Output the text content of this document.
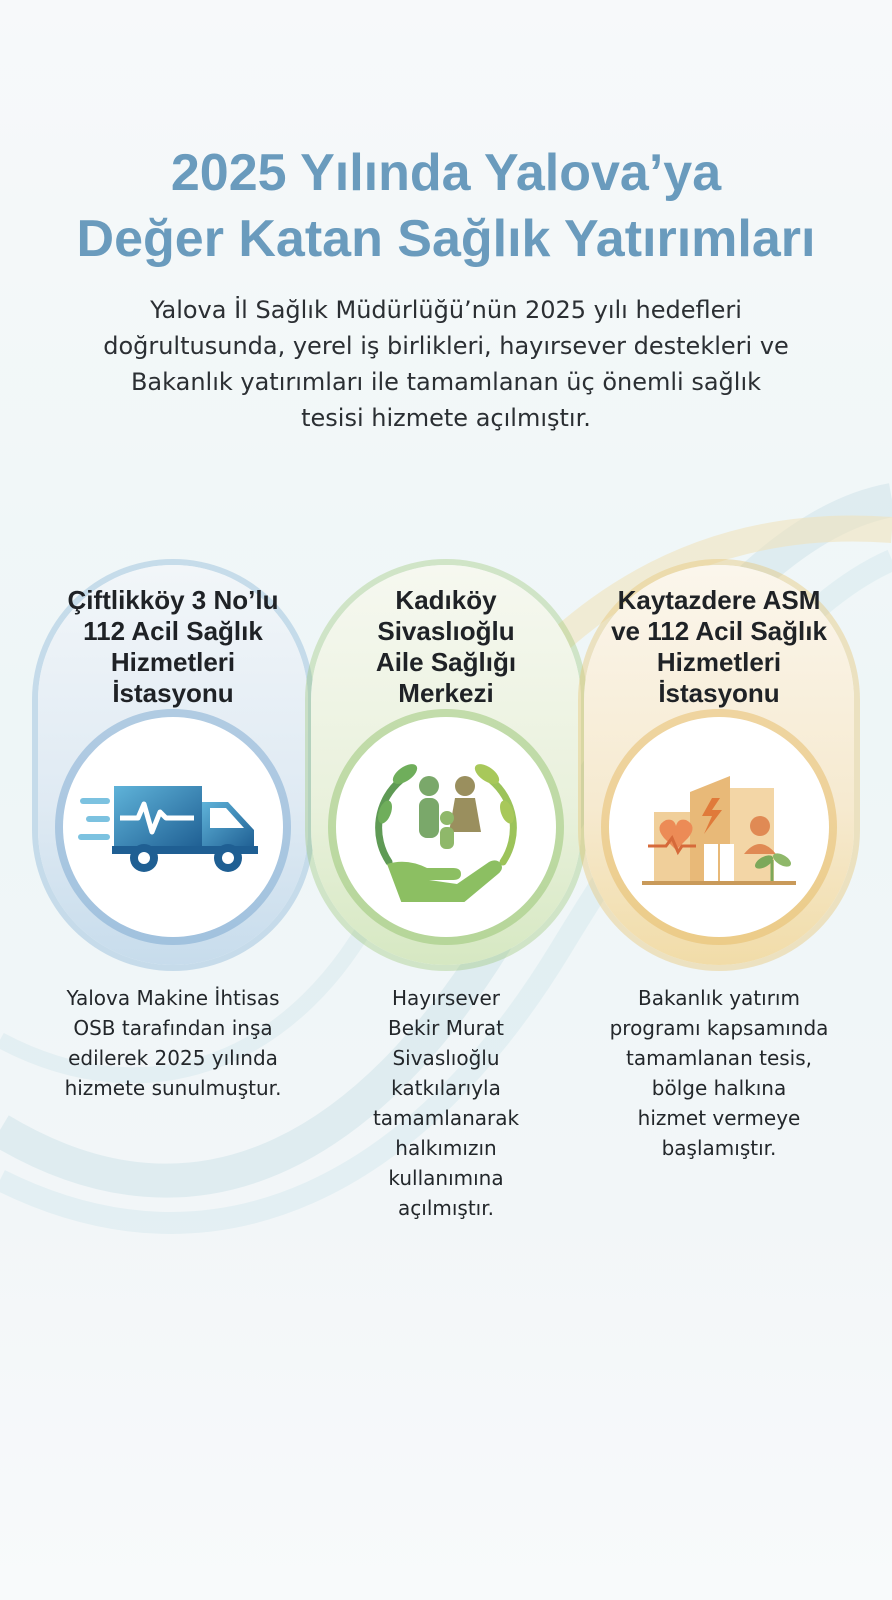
2025 Yılında Yalova’ya
Değer Katan Sağlık Yatırımları

Yalova İl Sağlık Müdürlüğü’nün 2025 yılı hedefleri
doğrultusunda, yerel iş birlikleri, hayırsever destekleri ve
Bakanlık yatırımları ile tamamlanan üç önemli sağlık
tesisi hizmete açılmıştır.

Çiftlikköy 3 No’lu
112 Acil Sağlık
Hizmetleri
İstasyonu
Kadıköy
Sivaslıoğlu
Aile Sağlığı
Merkezi
Kaytazdere ASM
ve 112 Acil Sağlık
Hizmetleri
İstasyonu
Yalova Makine İhtisas
OSB tarafından inşa
edilerek 2025 yılında
hizmete sunulmuştur.
Hayırsever
Bekir Murat
Sivaslıoğlu
katkılarıyla
tamamlanarak
halkımızın
kullanımına
açılmıştır.
Bakanlık yatırım
programı kapsamında
tamamlanan tesis,
bölge halkına
hizmet vermeye
başlamıştır.
